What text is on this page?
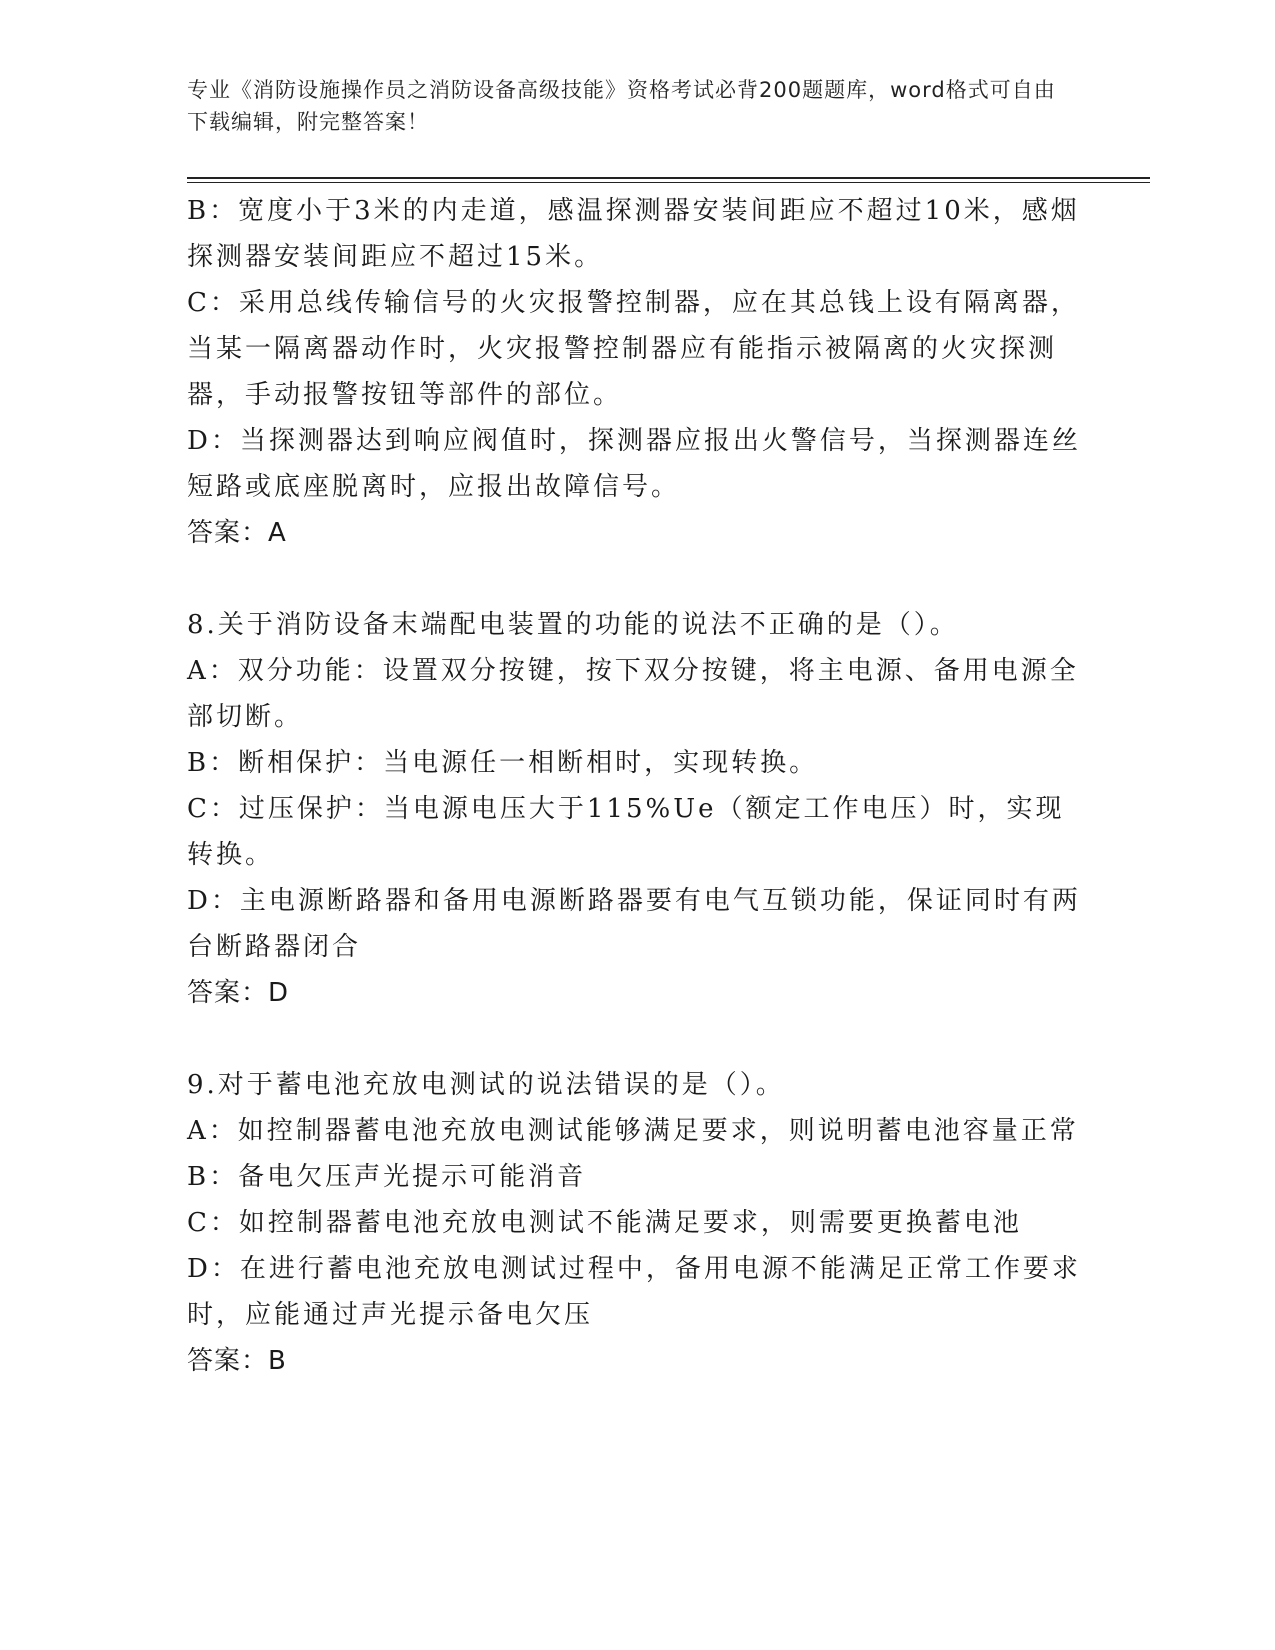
专业《消防设施操作员之消防设备高级技能》资格考试必背200题题库，word格式可自由下载编辑，附完整答案！

B：宽度小于3米的内走道，感温探测器安装间距应不超过10米，感烟探测器安装间距应不超过15米。

C：采用总线传输信号的火灾报警控制器，应在其总钱上设有隔离器，当某一隔离器动作时，火灾报警控制器应有能指示被隔离的火灾探测器，手动报警按钮等部件的部位。

D：当探测器达到响应阀值时，探测器应报出火警信号，当探测器连丝短路或底座脱离时，应报出故障信号。

答案：A

8.关于消防设备末端配电装置的功能的说法不正确的是（）。

A：双分功能：设置双分按键，按下双分按键，将主电源、备用电源全部切断。

B：断相保护：当电源任一相断相时，实现转换。

C：过压保护：当电源电压大于115%Ue（额定工作电压）时，实现转换。

D：主电源断路器和备用电源断路器要有电气互锁功能，保证同时有两台断路器闭合

答案：D

9.对于蓄电池充放电测试的说法错误的是（）。

A：如控制器蓄电池充放电测试能够满足要求，则说明蓄电池容量正常

B：备电欠压声光提示可能消音

C：如控制器蓄电池充放电测试不能满足要求，则需要更换蓄电池

D：在进行蓄电池充放电测试过程中，备用电源不能满足正常工作要求时，应能通过声光提示备电欠压

答案：B
